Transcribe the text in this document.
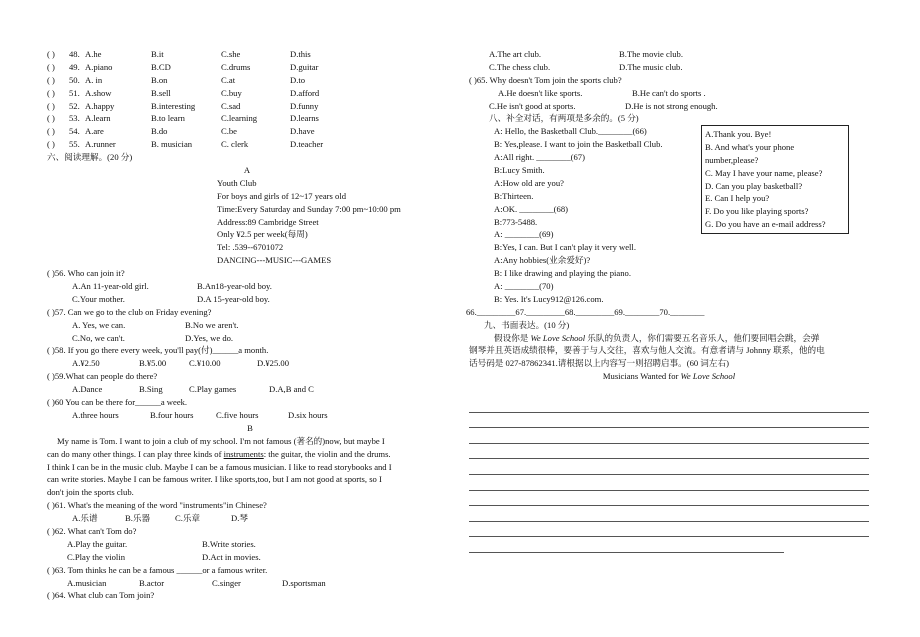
( ) 48. A.he	B.it	C.she	D.this
( ) 49. A.piano	B.CD	C.drums	D.guitar
( ) 50. A. in	B.on	C.at	D.to
( ) 51. A.show	B.sell	C.buy	D.afford
( ) 52. A.happy	B.interesting	C.sad	D.funny
( ) 53. A.learn	B.to learn	C.learning	D.learns
( ) 54. A.are	B.do	C.be	D.have
( ) 55. A.runner	B. musician	C. clerk	D.teacher
六、阅读理解。(20 分)
A
Youth Club
For boys and girls of 12~17 years old
Time:Every Saturday and Sunday 7:00 pm~10:00 pm
Address:89 Cambridge Street
Only ¥2.5 per week(每周)
Tel: .539--6701072
DANCING---MUSIC---GAMES
( )56. Who can join it?
A.An 11-year-old girl.	B.An18-year-old boy.
C.Your mother.	D.A 15-year-old boy.
( )57. Can we go to the club on Friday evening?
A. Yes, we can.	B.No we aren't.
C.No, we can't.	D.Yes, we do.
( )58. If you go there every week, you'll pay(付)______a month.
A.¥2.50	B.¥5.00	C.¥10.00	D.¥25.00
( )59.What can people do there?
A.Dance	B.Sing	C.Play games	D.A,B and C
( )60 You can be there for______a week.
A.three hours	B.four hours	C.five hours	D.six hours
B
My name is Tom. I want to join a club of my school. I'm not famous (著名的)now, but maybe I
can do many other things. I can play three kinds of instruments: the guitar, the violin and the drums.
I think I can be in the music club. Maybe I can be a famous musician. I like to read storybooks and I
can write stories. Maybe I can be famous writer. I like sports,too, but I am not good at sports, so I
don't join the sports club.
( )61. What's the meaning of the word "instruments"in Chinese?
A.乐谱	B.乐器	C.乐章	D.琴
( )62. What can't Tom do?
A.Play the guitar.	B.Write stories.
C.Play the violin	D.Act in movies.
( )63. Tom thinks he can be a famous ______or a famous writer.
A.musician	B.actor	C.singer	D.sportsman
( )64. What club can Tom join?
A.The art club.	B.The movie club.
C.The chess club.	D.The music club.
( )65. Why doesn't Tom join the sports club?
A.He doesn't like sports.	B.He can't do sports .
C.He isn't good at sports.	D.He is not strong enough.
八、补全对话，有两项是多余的。(5 分)
A: Hello, the Basketball Club.________(66)
B: Yes,please. I want to join the Basketball Club.
A:All right. ________(67)
B:Lucy Smith.
A:How old are you?
B:Thirteen.
A:OK. ________(68)
B:773-5488.
A: ________(69)
B:Yes, I can. But I can't play it very well.
A:Any hobbies(业余爱好)?
B: I like drawing and playing the piano.
A: ________(70)
B: Yes. It's Lucy912@126.com.
66._________67._________68._________69.________70.________
九、书面表达。(10 分)
假设你是 We Love School 乐队的负责人，你们需要五名音乐人，他们要回唱会跳，会弹
钢琴并且英语成绩很棒，要善于与人交往，喜欢与他人交流。有意者请与 Johnny 联系，他的电
话号码是 027-87862341.请根据以上内容写一则招聘启事。(60 词左右)
Musicians Wanted for We Love School
A.Thank you. Bye!
B. And what's your phone
number,please?
C. May I have your name, please?
D. Can you play basketball?
E. Can I help you?
F. Do you like playing sports?
G. Do you have an e-mail address?
